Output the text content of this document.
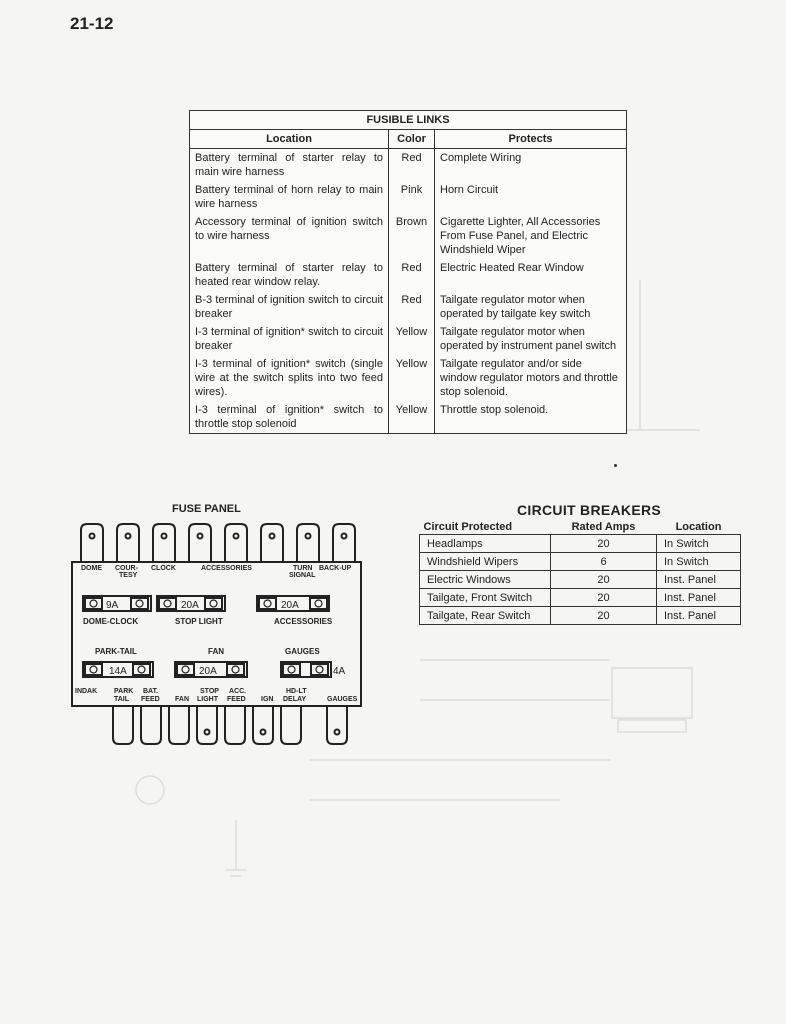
21-12
FUSIBLE LINKS		
Location	Color	Protects
Battery terminal of starter relay to main wire harness	Red	Complete Wiring
Battery terminal of horn relay to main wire harness	Pink	Horn Circuit
Accessory terminal of ignition switch to wire harness	Brown	Cigarette Lighter, All Accessories From Fuse Panel, and Electric Windshield Wiper
Battery terminal of starter relay to heated rear window relay.	Red	Electric Heated Rear Window
B-3 terminal of ignition switch to circuit breaker	Red	Tailgate regulator motor when operated by tailgate key switch
I-3 terminal of ignition* switch to circuit breaker	Yellow	Tailgate regulator motor when operated by instrument panel switch
I-3 terminal of ignition* switch (single wire at the switch splits into two feed wires).	Yellow	Tailgate regulator and/or side window regulator motors and throttle stop solenoid.
I-3 terminal of ignition* switch to throttle stop solenoid	Yellow	Throttle stop solenoid.
FUSE PANEL
DOME COUR-
TESY
CLOCK	ACCESSORIES	TURN
SIGNAL
BACK-UP
9A	20A	20A
DOME-CLOCK	STOP LIGHT	ACCESSORIES
PARK-TAIL	FAN	GAUGES
14A	20A	4A
INDAK PARK
TAIL
BAT.
FEED FAN
STOP
LIGHT
ACC.
FEED IGN
HD-LT
DELAY	GAUGES
CIRCUIT BREAKERS
Circuit Protected	Rated Amps	Location
Headlamps	20	In Switch
Windshield Wipers	6	In Switch
Electric Windows	20	Inst. Panel
Tailgate, Front Switch	20	Inst. Panel
Tailgate, Rear Switch	20	Inst. Panel
